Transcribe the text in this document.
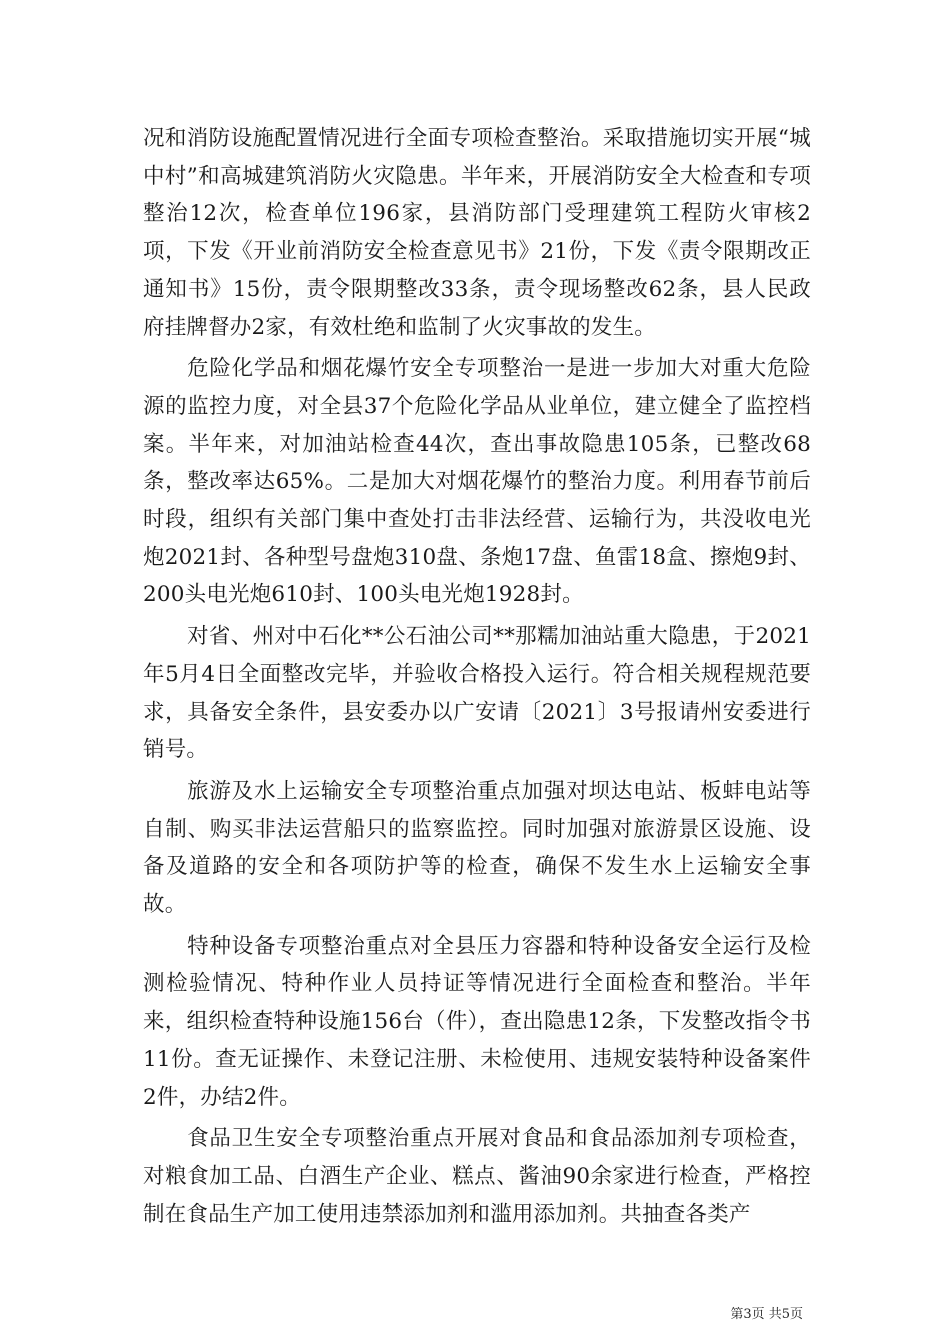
况和消防设施配置情况进行全面专项检查整治。采取措施切实开展“城中村”和高城建筑消防火灾隐患。半年来，开展消防安全大检查和专项整治12次，检查单位196家，县消防部门受理建筑工程防火审核2项，下发《开业前消防安全检查意见书》21份，下发《责令限期改正通知书》15份，责令限期整改33条，责令现场整改62条，县人民政府挂牌督办2家，有效杜绝和监制了火灾事故的发生。

危险化学品和烟花爆竹安全专项整治一是进一步加大对重大危险源的监控力度，对全县37个危险化学品从业单位，建立健全了监控档案。半年来，对加油站检查44次，查出事故隐患105条，已整改68条，整改率达65%。二是加大对烟花爆竹的整治力度。利用春节前后时段，组织有关部门集中查处打击非法经营、运输行为，共没收电光炮2021封、各种型号盘炮310盘、条炮17盘、鱼雷18盒、擦炮9封、200头电光炮610封、100头电光炮1928封。

对省、州对中石化**公石油公司**那糯加油站重大隐患，于2021年5月4日全面整改完毕，并验收合格投入运行。符合相关规程规范要求，具备安全条件，县安委办以广安请〔2021〕3号报请州安委进行销号。

旅游及水上运输安全专项整治重点加强对坝达电站、板蚌电站等自制、购买非法运营船只的监察监控。同时加强对旅游景区设施、设备及道路的安全和各项防护等的检查，确保不发生水上运输安全事故。

特种设备专项整治重点对全县压力容器和特种设备安全运行及检测检验情况、特种作业人员持证等情况进行全面检查和整治。半年来，组织检查特种设施156台（件），查出隐患12条，下发整改指令书11份。查无证操作、未登记注册、未检使用、违规安装特种设备案件2件，办结2件。

食品卫生安全专项整治重点开展对食品和食品添加剂专项检查，对粮食加工品、白酒生产企业、糕点、酱油90余家进行检查，严格控制在食品生产加工使用违禁添加剂和滥用添加剂。共抽查各类产

第3页 共5页
